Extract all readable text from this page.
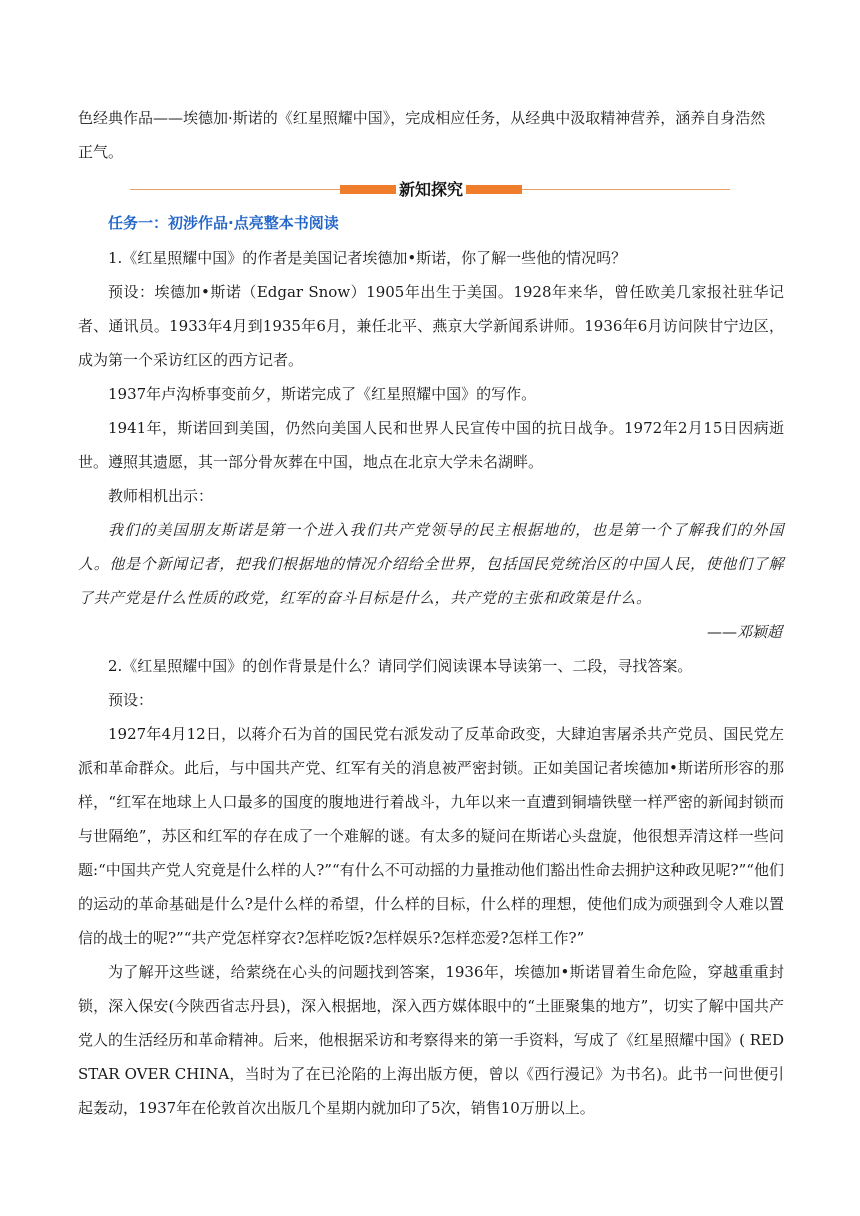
色经典作品——埃德加·斯诺的《红星照耀中国》，完成相应任务，从经典中汲取精神营养，涵养自身浩然

正气。

新知探究
任务一：初涉作品·点亮整本书阅读

1.《红星照耀中国》的作者是美国记者埃德加•斯诺，你了解一些他的情况吗？

预设：埃德加•斯诺（Edgar Snow）1905年出生于美国。1928年来华，曾任欧美几家报社驻华记者、通讯员。1933年4月到1935年6月，兼任北平、燕京大学新闻系讲师。1936年6月访问陕甘宁边区，成为第一个采访红区的西方记者。

1937年卢沟桥事变前夕，斯诺完成了《红星照耀中国》的写作。

1941年，斯诺回到美国，仍然向美国人民和世界人民宣传中国的抗日战争。1972年2月15日因病逝世。遵照其遗愿，其一部分骨灰葬在中国，地点在北京大学未名湖畔。

教师相机出示：

我们的美国朋友斯诺是第一个进入我们共产党领导的民主根据地的，也是第一个了解我们的外国人。他是个新闻记者，把我们根据地的情况介绍给全世界，包括国民党统治区的中国人民，使他们了解了共产党是什么性质的政党，红军的奋斗目标是什么，共产党的主张和政策是什么。

——邓颖超

2.《红星照耀中国》的创作背景是什么？请同学们阅读课本导读第一、二段，寻找答案。

预设：

1927年4月12日，以蒋介石为首的国民党右派发动了反革命政变，大肆迫害屠杀共产党员、国民党左派和革命群众。此后，与中国共产党、红军有关的消息被严密封锁。正如美国记者埃德加•斯诺所形容的那样，“红军在地球上人口最多的国度的腹地进行着战斗，九年以来一直遭到铜墙铁壁一样严密的新闻封锁而与世隔绝”，苏区和红军的存在成了一个难解的谜。有太多的疑问在斯诺心头盘旋，他很想弄清这样一些问题:“中国共产党人究竟是什么样的人?”“有什么不可动摇的力量推动他们豁出性命去拥护这种政见呢?”“他们的运动的革命基础是什么?是什么样的希望，什么样的目标，什么样的理想，使他们成为顽强到令人难以置信的战士的呢?”“共产党怎样穿衣?怎样吃饭?怎样娱乐?怎样恋爱?怎样工作?”

为了解开这些谜，给萦绕在心头的问题找到答案，1936年，埃德加•斯诺冒着生命危险，穿越重重封锁，深入保安(今陕西省志丹县)，深入根据地，深入西方媒体眼中的“土匪聚集的地方”，切实了解中国共产党人的生活经历和革命精神。后来，他根据采访和考察得来的第一手资料，写成了《红星照耀中国》( RED STAR OVER CHINA，当时为了在已沦陷的上海出版方便，曾以《西行漫记》为书名)。此书一问世便引起轰动，1937年在伦敦首次出版几个星期内就加印了5次，销售10万册以上。
